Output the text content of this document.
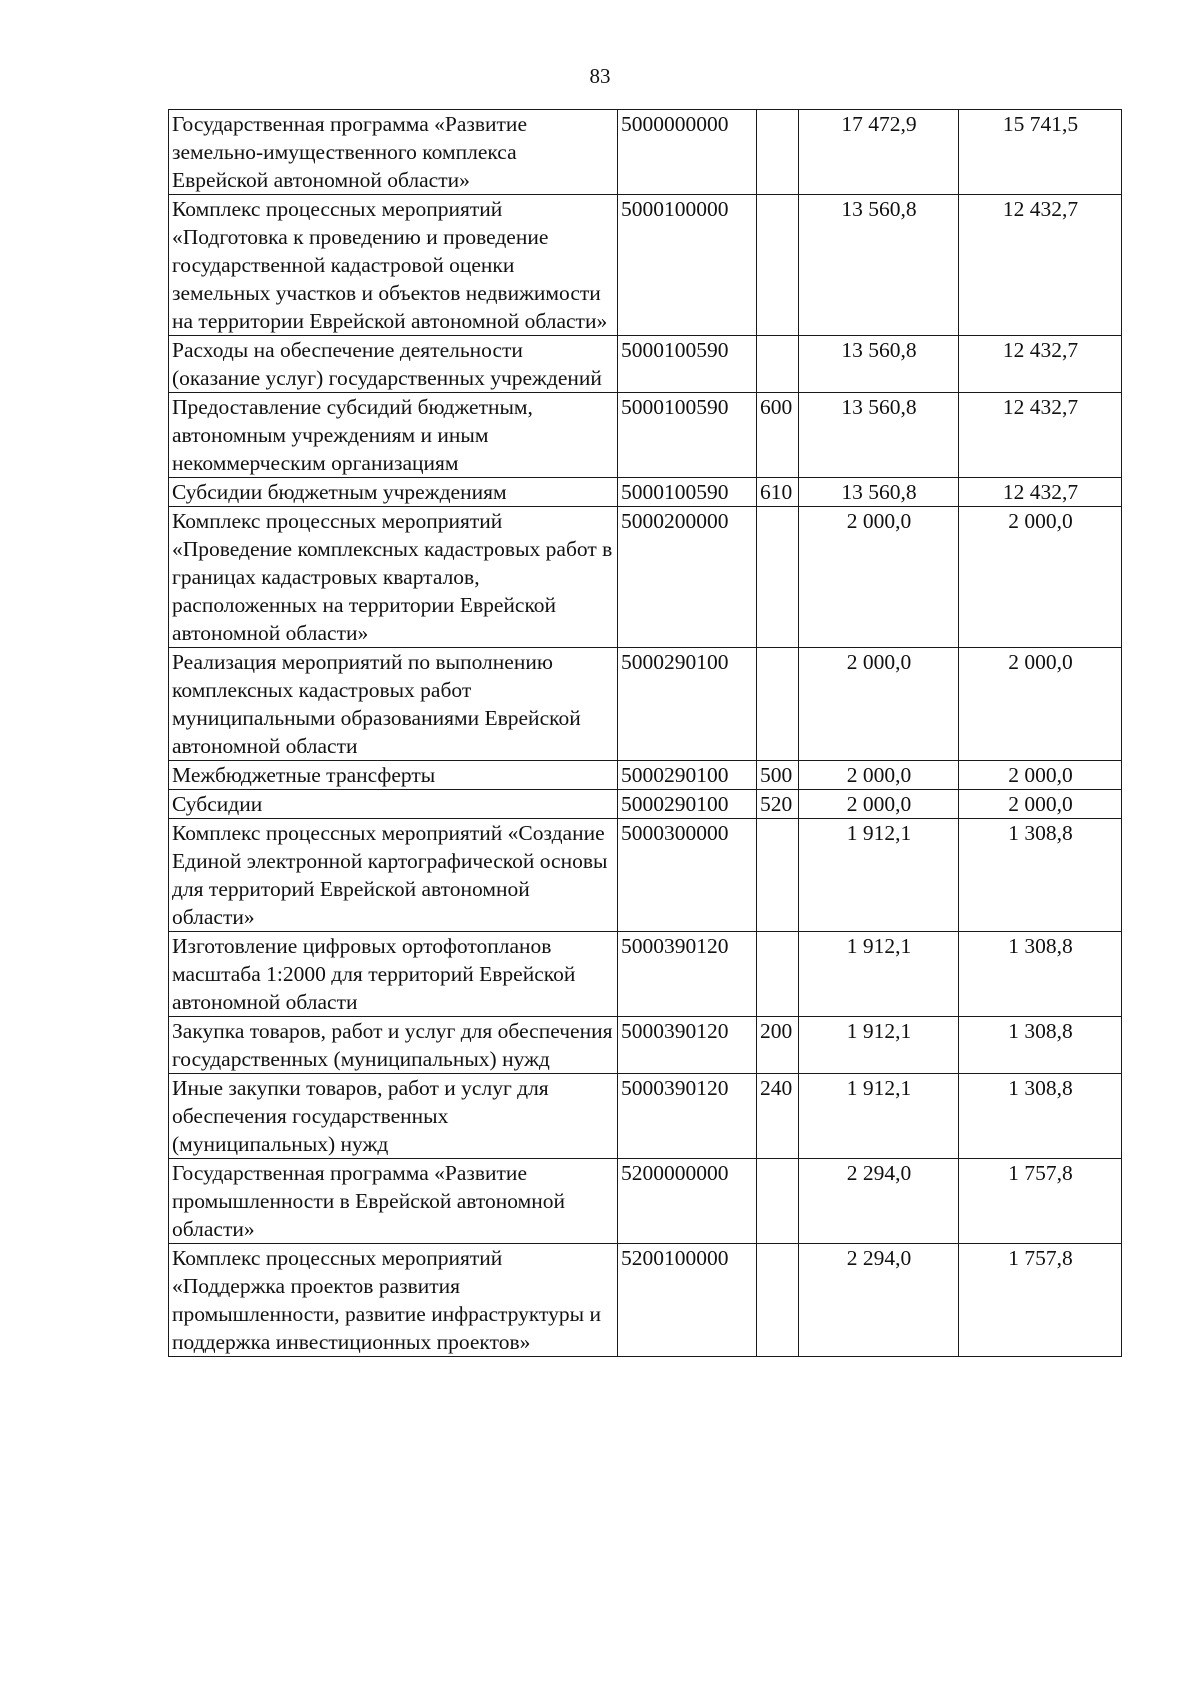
83
Государственная программа «Развитие земельно-имущественного комплекса Еврейской автономной области»	5000000000		17 472,9	15 741,5
Комплекс процессных мероприятий «Подготовка к проведению и проведение государственной кадастровой оценки земельных участков и объектов недвижимости на территории Еврейской автономной области»	5000100000		13 560,8	12 432,7
Расходы на обеспечение деятельности (оказание услуг) государственных учреждений	5000100590		13 560,8	12 432,7
Предоставление субсидий бюджетным, автономным учреждениям и иным некоммерческим организациям	5000100590	600	13 560,8	12 432,7
Субсидии бюджетным учреждениям	5000100590	610	13 560,8	12 432,7
Комплекс процессных мероприятий «Проведение комплексных кадастровых работ в границах кадастровых кварталов, расположенных на территории Еврейской автономной области»	5000200000		2 000,0	2 000,0
Реализация мероприятий по выполнению комплексных кадастровых работ муниципальными образованиями Еврейской автономной области	5000290100		2 000,0	2 000,0
Межбюджетные трансферты	5000290100	500	2 000,0	2 000,0
Субсидии	5000290100	520	2 000,0	2 000,0
Комплекс процессных мероприятий «Создание Единой электронной картографической основы для территорий Еврейской автономной области»	5000300000		1 912,1	1 308,8
Изготовление цифровых ортофотопланов масштаба 1:2000 для территорий Еврейской автономной области	5000390120		1 912,1	1 308,8
Закупка товаров, работ и услуг для обеспечения государственных (муниципальных) нужд	5000390120	200	1 912,1	1 308,8
Иные закупки товаров, работ и услуг для обеспечения государственных (муниципальных) нужд	5000390120	240	1 912,1	1 308,8
Государственная программа «Развитие промышленности в Еврейской автономной области»	5200000000		2 294,0	1 757,8
Комплекс процессных мероприятий «Поддержка проектов развития промышленности, развитие инфраструктуры и поддержка инвестиционных проектов»	5200100000		2 294,0	1 757,8
